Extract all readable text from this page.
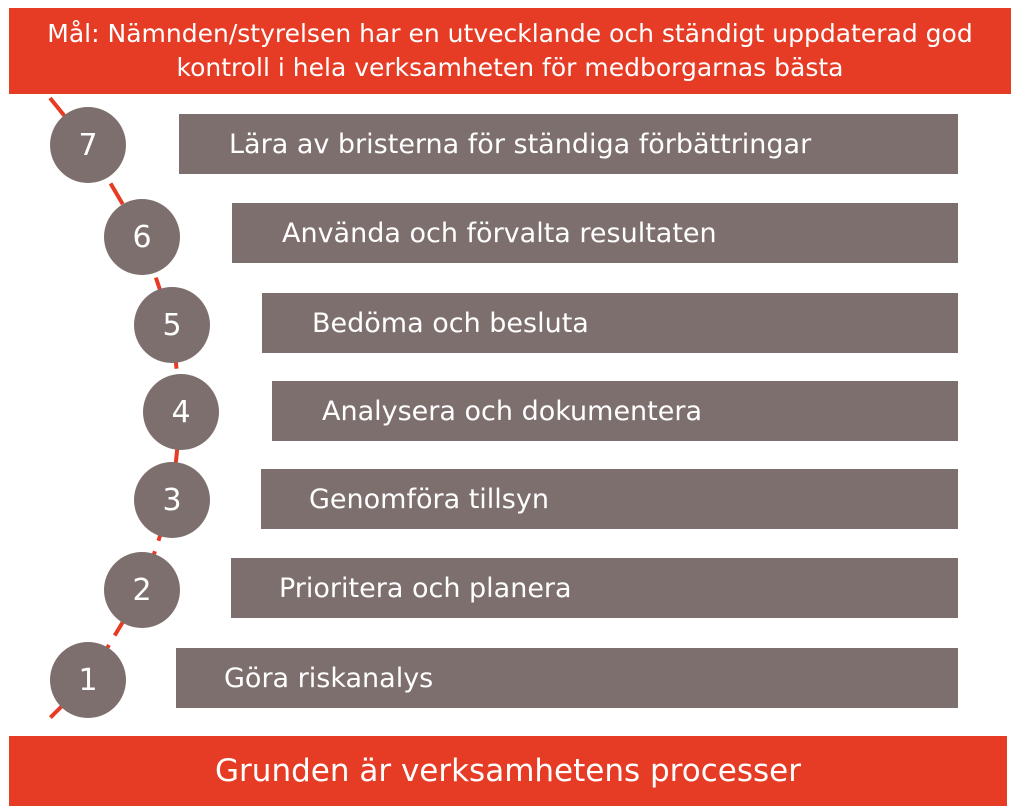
Mål: Nämnden/styrelsen har en utvecklande och ständigt uppdaterad god kontroll i hela verksamheten för medborgarnas bästa
Lära av bristerna för ständiga förbättringar
7
Använda och förvalta resultaten
6
Bedöma och besluta
5
Analysera och dokumentera
4
Genomföra tillsyn
3
Prioritera och planera
2
Göra riskanalys
1
Grunden är verksamhetens processer
